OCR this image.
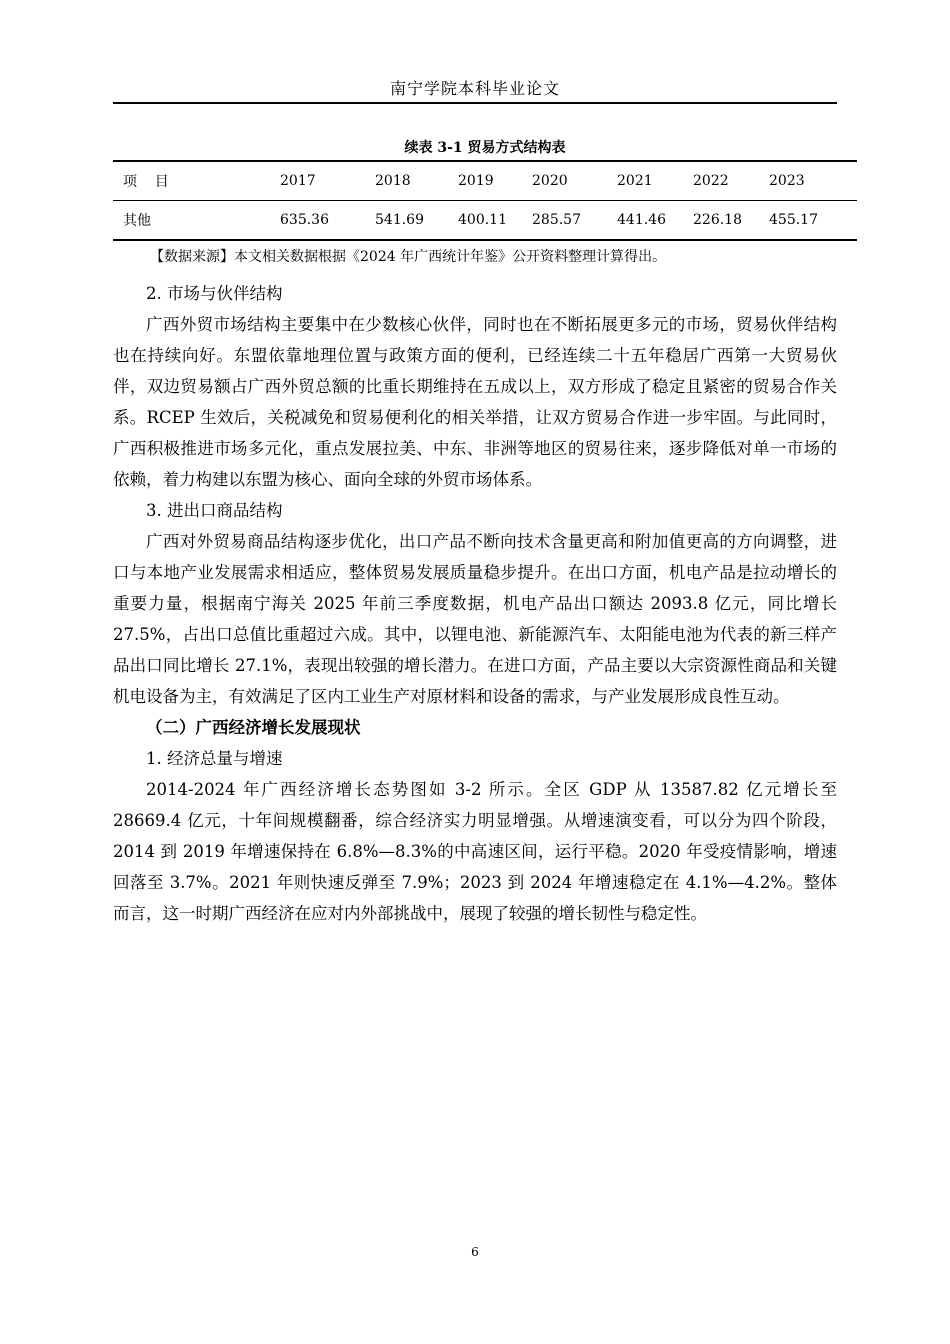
南宁学院本科毕业论文
续表 3-1 贸易方式结构表
项    目	2017	2018	2019	2020	2021	2022	2023
其他	635.36	541.69	400.11	285.57	441.46	226.18	455.17
【数据来源】本文相关数据根据《2024 年广西统计年鉴》公开资料整理计算得出。

2. 市场与伙伴结构

广西外贸市场结构主要集中在少数核心伙伴，同时也在不断拓展更多元的市场，贸易伙伴结构也在持续向好。东盟依靠地理位置与政策方面的便利，已经连续二十五年稳居广西第一大贸易伙伴，双边贸易额占广西外贸总额的比重长期维持在五成以上，双方形成了稳定且紧密的贸易合作关系。RCEP 生效后，关税减免和贸易便利化的相关举措，让双方贸易合作进一步牢固。与此同时，广西积极推进市场多元化，重点发展拉美、中东、非洲等地区的贸易往来，逐步降低对单一市场的依赖，着力构建以东盟为核心、面向全球的外贸市场体系。

3. 进出口商品结构

广西对外贸易商品结构逐步优化，出口产品不断向技术含量更高和附加值更高的方向调整，进口与本地产业发展需求相适应，整体贸易发展质量稳步提升。在出口方面，机电产品是拉动增长的重要力量，根据南宁海关 2025 年前三季度数据，机电产品出口额达 2093.8 亿元，同比增长 27.5%，占出口总值比重超过六成。其中，以锂电池、新能源汽车、太阳能电池为代表的新三样产品出口同比增长 27.1%，表现出较强的增长潜力。在进口方面，产品主要以大宗资源性商品和关键机电设备为主，有效满足了区内工业生产对原材料和设备的需求，与产业发展形成良性互动。

（二）广西经济增长发展现状

1. 经济总量与增速

2014-2024 年广西经济增长态势图如 3-2 所示。全区 GDP 从 13587.82 亿元增长至 28669.4 亿元，十年间规模翻番，综合经济实力明显增强。从增速演变看，可以分为四个阶段，2014 到 2019 年增速保持在 6.8%—8.3%的中高速区间，运行平稳。2020 年受疫情影响，增速回落至 3.7%。2021 年则快速反弹至 7.9%；2023 到 2024 年增速稳定在 4.1%—4.2%。整体而言，这一时期广西经济在应对内外部挑战中，展现了较强的增长韧性与稳定性。

6
